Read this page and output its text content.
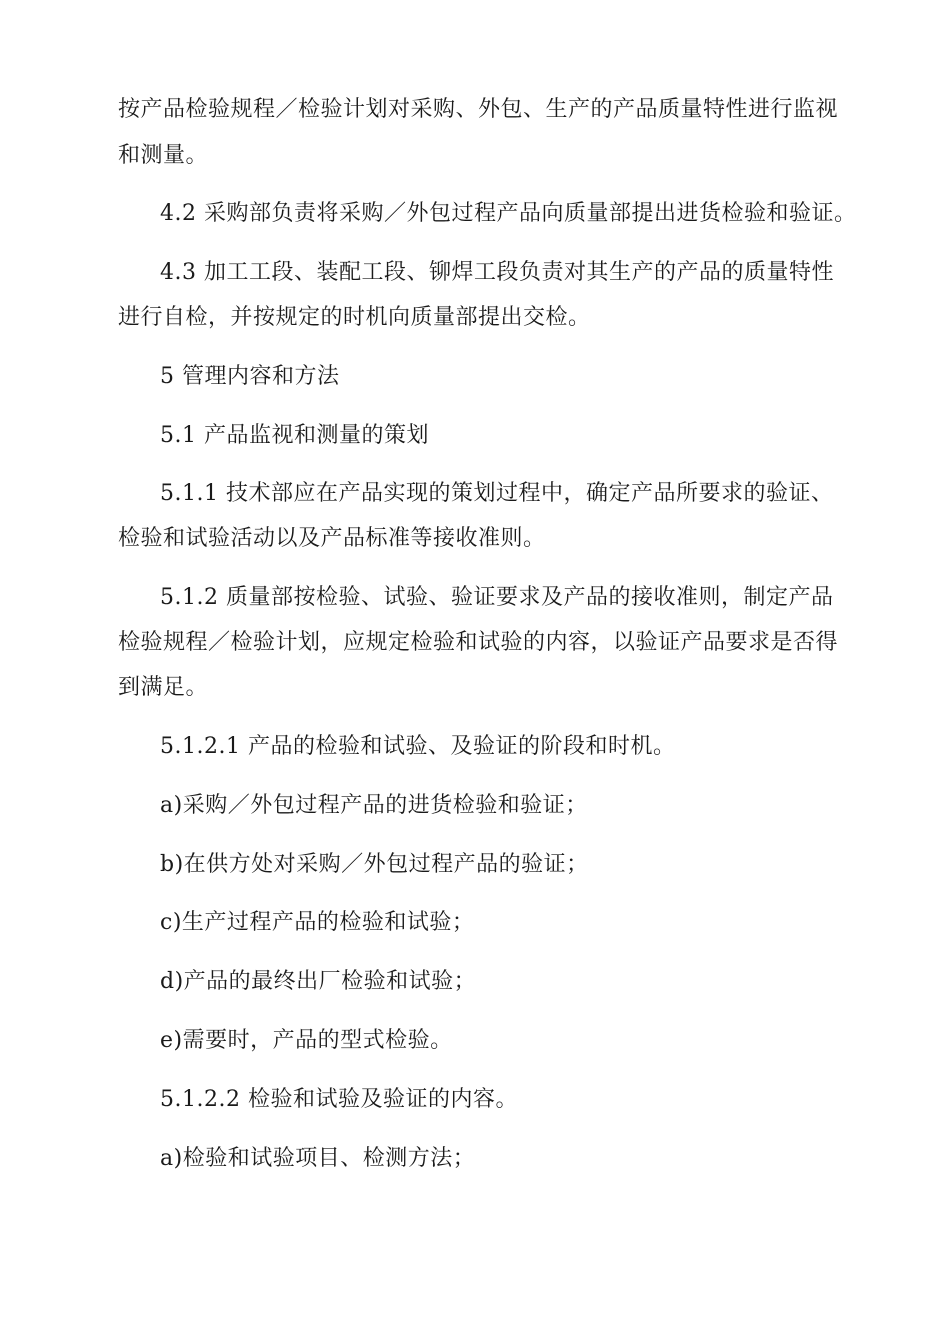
按产品检验规程／检验计划对采购、外包、生产的产品质量特性进行监视
和测量。
4.2 采购部负责将采购／外包过程产品向质量部提出进货检验和验证。
4.3 加工工段、装配工段、铆焊工段负责对其生产的产品的质量特性
进行自检，并按规定的时机向质量部提出交检。
5 管理内容和方法
5.1 产品监视和测量的策划
5.1.1 技术部应在产品实现的策划过程中，确定产品所要求的验证、
检验和试验活动以及产品标准等接收准则。
5.1.2 质量部按检验、试验、验证要求及产品的接收准则，制定产品
检验规程／检验计划，应规定检验和试验的内容，以验证产品要求是否得
到满足。
5.1.2.1 产品的检验和试验、及验证的阶段和时机。
a)采购／外包过程产品的进货检验和验证；
b)在供方处对采购／外包过程产品的验证；
c)生产过程产品的检验和试验；
d)产品的最终出厂检验和试验；
e)需要时，产品的型式检验。
5.1.2.2 检验和试验及验证的内容。
a)检验和试验项目、检测方法；
